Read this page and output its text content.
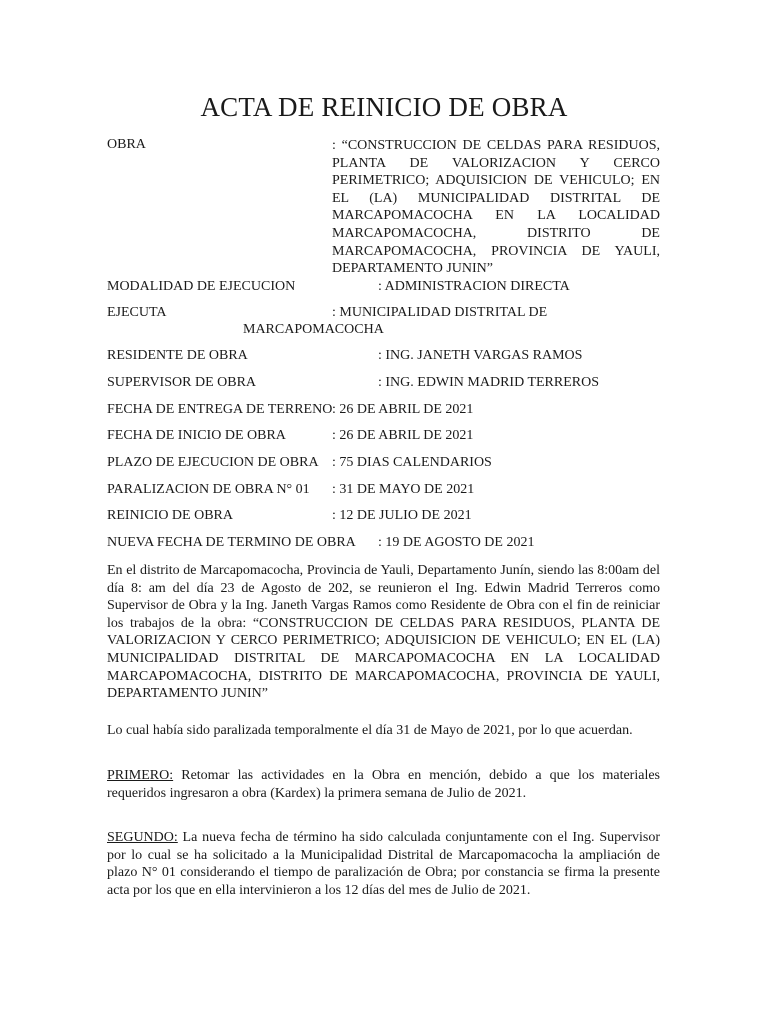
ACTA DE REINICIO DE OBRA
OBRA	: “CONSTRUCCION DE CELDAS PARA RESIDUOS, PLANTA DE VALORIZACION Y CERCO PERIMETRICO; ADQUISICION DE VEHICULO; EN EL (LA) MUNICIPALIDAD DISTRITAL DE MARCAPOMACOCHA EN LA LOCALIDAD MARCAPOMACOCHA, DISTRITO DE MARCAPOMACOCHA, PROVINCIA DE YAULI, DEPARTAMENTO JUNIN”
MODALIDAD DE EJECUCION	: ADMINISTRACION DIRECTA
EJECUTA	: MUNICIPALIDAD DISTRITAL DE
MARCAPOMACOCHA
RESIDENTE DE OBRA	: ING. JANETH VARGAS RAMOS
SUPERVISOR DE OBRA	: ING. EDWIN MADRID TERREROS
FECHA DE ENTREGA DE TERRENO : 26 DE ABRIL DE 2021
FECHA DE INICIO DE OBRA	: 26 DE ABRIL DE 2021
PLAZO DE EJECUCION DE OBRA : 75 DIAS CALENDARIOS
PARALIZACION DE OBRA N° 01 : 31 DE MAYO DE 2021
REINICIO DE OBRA	: 12 DE JULIO DE 2021
NUEVA FECHA DE TERMINO DE OBRA : 19 DE AGOSTO DE 2021
En el distrito de Marcapomacocha, Provincia de Yauli, Departamento Junín, siendo las 8:00am del día 8: am del día 23 de Agosto de 202, se reunieron el Ing. Edwin Madrid Terreros como Supervisor de Obra y la Ing. Janeth Vargas Ramos como Residente de Obra con el fin de reiniciar los trabajos de la obra: “CONSTRUCCION DE CELDAS PARA RESIDUOS, PLANTA DE VALORIZACION Y CERCO PERIMETRICO; ADQUISICION DE VEHICULO; EN EL (LA) MUNICIPALIDAD DISTRITAL DE MARCAPOMACOCHA EN LA LOCALIDAD MARCAPOMACOCHA, DISTRITO DE MARCAPOMACOCHA, PROVINCIA DE YAULI, DEPARTAMENTO JUNIN”
Lo cual había sido paralizada temporalmente el día 31 de Mayo de 2021, por lo que acuerdan.
PRIMERO: Retomar las actividades en la Obra en mención, debido a que los materiales requeridos ingresaron a obra (Kardex) la primera semana de Julio de 2021.
SEGUNDO: La nueva fecha de término ha sido calculada conjuntamente con el Ing. Supervisor por lo cual se ha solicitado a la Municipalidad Distrital de Marcapomacocha la ampliación de plazo N° 01 considerando el tiempo de paralización de Obra; por constancia se firma la presente acta por los que en ella intervinieron a los 12 días del mes de Julio de 2021.
